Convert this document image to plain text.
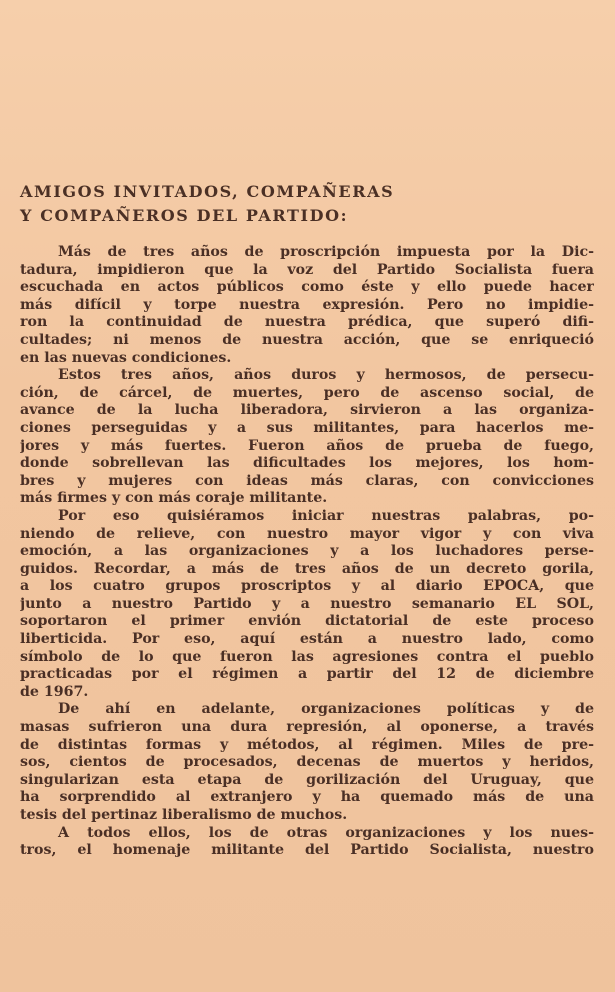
AMIGOS INVITADOS, COMPAÑERAS
Y COMPAÑEROS DEL PARTIDO:
Más de tres años de proscripción impuesta por la Dic-
tadura, impidieron que la voz del Partido Socialista fuera
escuchada en actos públicos como éste y ello puede hacer
más difícil y torpe nuestra expresión. Pero no impidie-
ron la continuidad de nuestra prédica, que superó difi-
cultades; ni menos de nuestra acción, que se enriqueció
en las nuevas condiciones.
Estos tres años, años duros y hermosos, de persecu-
ción, de cárcel, de muertes, pero de ascenso social, de
avance de la lucha liberadora, sirvieron a las organiza-
ciones perseguidas y a sus militantes, para hacerlos me-
jores y más fuertes. Fueron años de prueba de fuego,
donde sobrellevan las dificultades los mejores, los hom-
bres y mujeres con ideas más claras, con convicciones
más firmes y con más coraje militante.
Por eso quisiéramos iniciar nuestras palabras, po-
niendo de relieve, con nuestro mayor vigor y con viva
emoción, a las organizaciones y a los luchadores perse-
guidos. Recordar, a más de tres años de un decreto gorila,
a los cuatro grupos proscriptos y al diario EPOCA, que
junto a nuestro Partido y a nuestro semanario EL SOL,
soportaron el primer envión dictatorial de este proceso
liberticida. Por eso, aquí están a nuestro lado, como
símbolo de lo que fueron las agresiones contra el pueblo
practicadas por el régimen a partir del 12 de diciembre
de 1967.
De ahí en adelante, organizaciones políticas y de
masas sufrieron una dura represión, al oponerse, a través
de distintas formas y métodos, al régimen. Miles de pre-
sos, cientos de procesados, decenas de muertos y heridos,
singularizan esta etapa de gorilización del Uruguay, que
ha sorprendido al extranjero y ha quemado más de una
tesis del pertinaz liberalismo de muchos.
A todos ellos, los de otras organizaciones y los nues-
tros, el homenaje militante del Partido Socialista, nuestro
